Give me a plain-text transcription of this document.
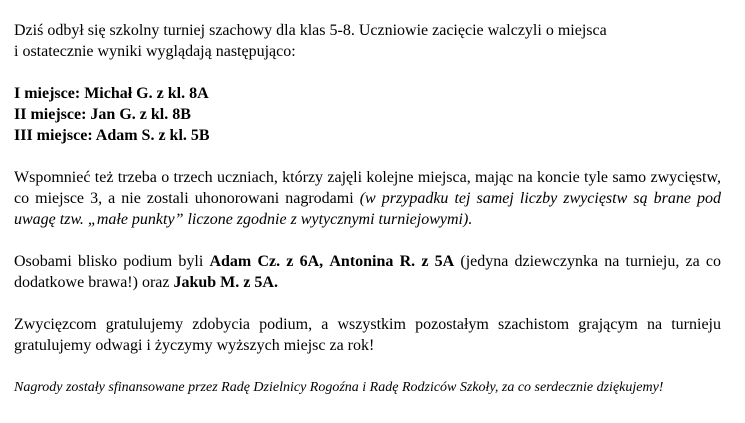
Dziś odbył się szkolny turniej szachowy dla klas 5-8. Uczniowie zacięcie walczyli o miejsca
i ostatecznie wyniki wyglądają następująco:

I miejsce: Michał G. z kl. 8A
II miejsce: Jan G. z kl. 8B
III miejsce: Adam S. z kl. 5B

Wspomnieć też trzeba o trzech uczniach, którzy zajęli kolejne miejsca, mając na koncie tyle samo zwycięstw, co miejsce 3, a nie zostali uhonorowani nagrodami (w przypadku tej samej liczby zwycięstw są brane pod uwagę tzw. „małe punkty” liczone zgodnie z wytycznymi turniejowymi).

Osobami blisko podium byli Adam Cz. z 6A, Antonina R. z 5A (jedyna dziewczynka na turnieju, za co dodatkowe brawa!) oraz Jakub M. z 5A.

Zwycięzcom gratulujemy zdobycia podium, a wszystkim pozostałym szachistom grającym na turnieju gratulujemy odwagi i życzymy wyższych miejsc za rok!

Nagrody zostały sfinansowane przez Radę Dzielnicy Rogoźna i Radę Rodziców Szkoły, za co serdecznie dziękujemy!
